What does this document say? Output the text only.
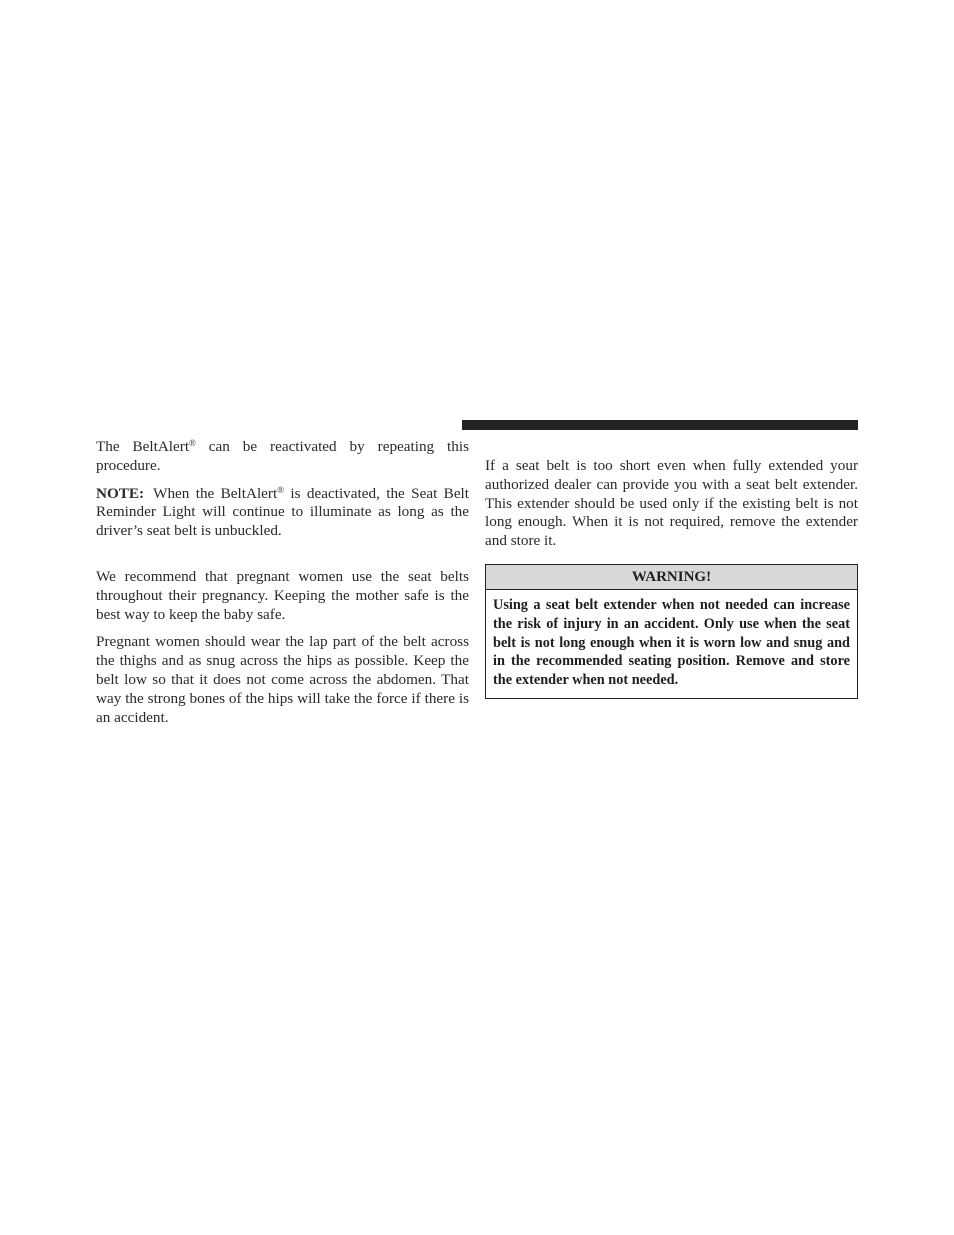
The BeltAlert® can be reactivated by repeating this procedure.

NOTE: When the BeltAlert® is deactivated, the Seat Belt Reminder Light will continue to illuminate as long as the driver’s seat belt is unbuckled.

We recommend that pregnant women use the seat belts throughout their pregnancy. Keeping the mother safe is the best way to keep the baby safe.

Pregnant women should wear the lap part of the belt across the thighs and as snug across the hips as possible. Keep the belt low so that it does not come across the abdomen. That way the strong bones of the hips will take the force if there is an accident.

If a seat belt is too short even when fully extended your authorized dealer can provide you with a seat belt extender. This extender should be used only if the existing belt is not long enough. When it is not required, remove the extender and store it.

WARNING!
Using a seat belt extender when not needed can increase the risk of injury in an accident. Only use when the seat belt is not long enough when it is worn low and snug and in the recommended seating position. Remove and store the extender when not needed.
